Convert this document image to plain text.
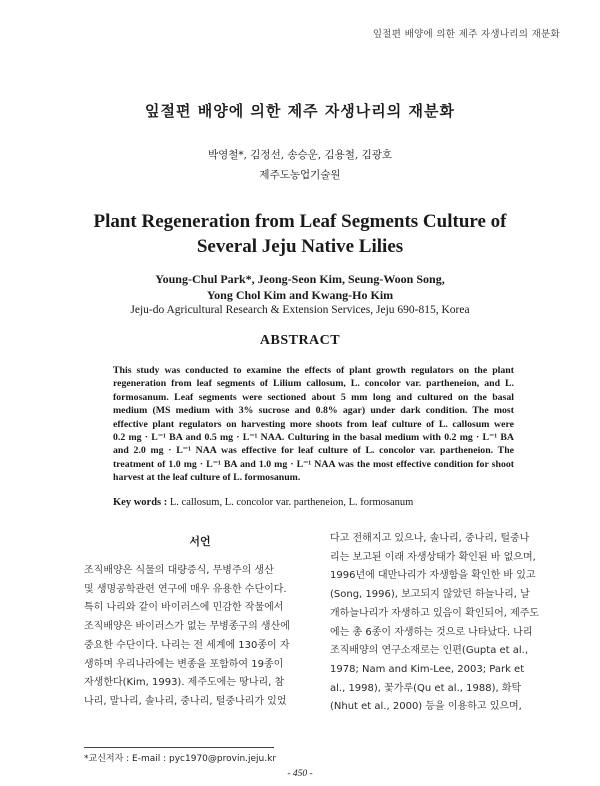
잎절편 배양에 의한 제주 자생나리의 재분화
잎절편 배양에 의한 제주 자생나리의 재분화
박영철*, 김정선, 송승운, 김용철, 김광호
제주도농업기술원
Plant Regeneration from Leaf Segments Culture of
Several Jeju Native Lilies
Young-Chul Park*, Jeong-Seon Kim, Seung-Woon Song,
Yong Chol Kim and Kwang-Ho Kim
Jeju-do Agricultural Research & Extension Services, Jeju 690-815, Korea
ABSTRACT
This study was conducted to examine the effects of plant growth regulators on the plant
regeneration from leaf segments of Lilium callosum, L. concolor var. partheneion, and L.
formosanum. Leaf segments were sectioned about 5 mm long and cultured on the basal
medium (MS medium with 3% sucrose and 0.8% agar) under dark condition. The most
effective plant regulators on harvesting more shoots from leaf culture of L. callosum were
0.2 mg · L⁻¹ BA and 0.5 mg · L⁻¹ NAA. Culturing in the basal medium with 0.2 mg · L⁻¹ BA
and 2.0 mg · L⁻¹ NAA was effective for leaf culture of L. concolor var. partheneion. The
treatment of 1.0 mg · L⁻¹ BA and 1.0 mg · L⁻¹ NAA was the most effective condition for shoot
harvest at the leaf culture of L. formosanum.
Key words : L. callosum, L. concolor var. partheneion, L. formosanum
서언
조직배양은 식물의 대량증식, 무병주의 생산
및 생명공학관련 연구에 매우 유용한 수단이다.
특히 나리와 같이 바이러스에 민감한 작물에서
조직배양은 바이러스가 없는 무병종구의 생산에
중요한 수단이다. 나리는 전 세계에 130종이 자
생하며 우리나라에는 변종을 포함하여 19종이
자생한다(Kim, 1993). 제주도에는 땅나리, 참
나리, 말나리, 솔나리, 중나리, 털중나리가 있었
다고 전해지고 있으나, 솔나리, 중나리, 털중나
리는 보고된 이래 자생상태가 확인된 바 없으며,
1996년에 대만나리가 자생함을 확인한 바 있고
(Song, 1996), 보고되지 않았던 하늘나리, 날
개하늘나리가 자생하고 있음이 확인되어, 제주도
에는 총 6종이 자생하는 것으로 나타났다. 나리
조직배양의 연구소재로는 인편(Gupta et al.,
1978; Nam and Kim-Lee, 2003; Park et
al., 1998), 꽃가루(Qu et al., 1988), 화탁
(Nhut et al., 2000) 등을 이용하고 있으며,
*교신저자 : E-mail : pyc1970@provin.jeju.kr
- 450 -
